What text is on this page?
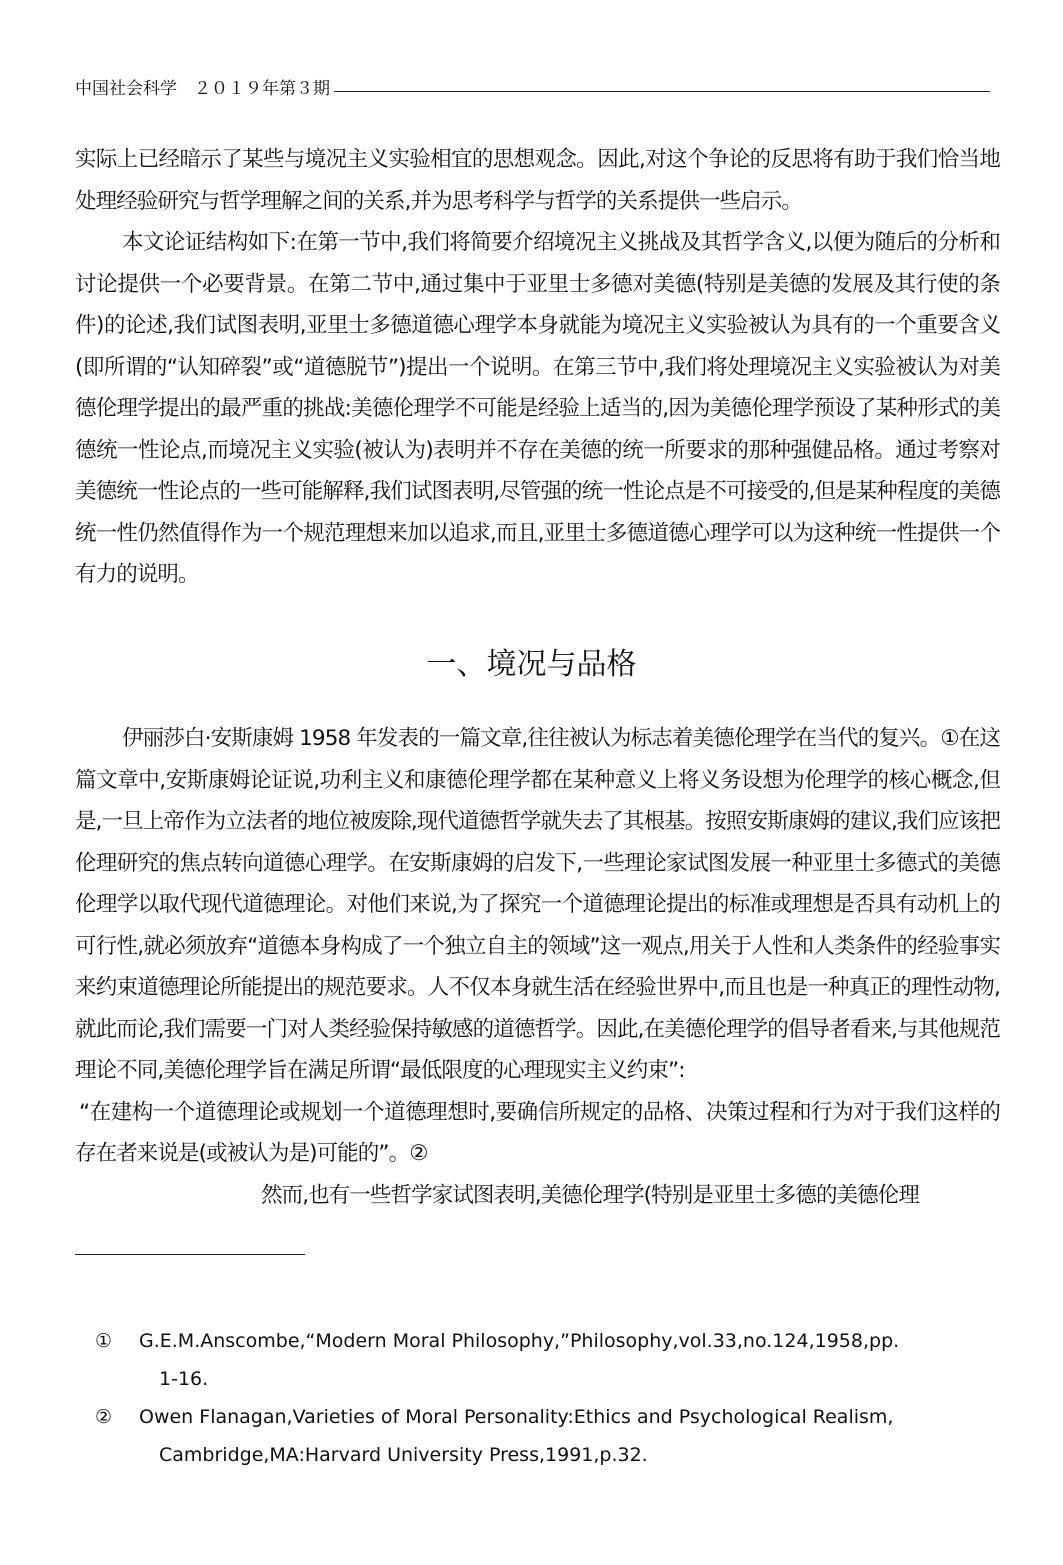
中国社会科学　２０１９年第３期

实际上已经暗示了某些与境况主义实验相宜的思想观念。因此,对这个争论的反思将有助于我们恰当地处理经验研究与哲学理解之间的关系,并为思考科学与哲学的关系提供一些启示。

本文论证结构如下:在第一节中,我们将简要介绍境况主义挑战及其哲学含义,以便为随后的分析和讨论提供一个必要背景。在第二节中,通过集中于亚里士多德对美德(特别是美德的发展及其行使的条件)的论述,我们试图表明,亚里士多德道德心理学本身就能为境况主义实验被认为具有的一个重要含义(即所谓的“认知碎裂”或“道德脱节”)提出一个说明。在第三节中,我们将处理境况主义实验被认为对美德伦理学提出的最严重的挑战:美德伦理学不可能是经验上适当的,因为美德伦理学预设了某种形式的美德统一性论点,而境况主义实验(被认为)表明并不存在美德的统一所要求的那种强健品格。通过考察对美德统一性论点的一些可能解释,我们试图表明,尽管强的统一性论点是不可接受的,但是某种程度的美德统一性仍然值得作为一个规范理想来加以追求,而且,亚里士多德道德心理学可以为这种统一性提供一个有力的说明。

一、境况与品格

伊丽莎白·安斯康姆 1958 年发表的一篇文章,往往被认为标志着美德伦理学在当代的复兴。①在这篇文章中,安斯康姆论证说,功利主义和康德伦理学都在某种意义上将义务设想为伦理学的核心概念,但是,一旦上帝作为立法者的地位被废除,现代道德哲学就失去了其根基。按照安斯康姆的建议,我们应该把伦理研究的焦点转向道德心理学。在安斯康姆的启发下,一些理论家试图发展一种亚里士多德式的美德伦理学以取代现代道德理论。对他们来说,为了探究一个道德理论提出的标准或理想是否具有动机上的可行性,就必须放弃“道德本身构成了一个独立自主的领域”这一观点,用关于人性和人类条件的经验事实来约束道德理论所能提出的规范要求。人不仅本身就生活在经验世界中,而且也是一种真正的理性动物,就此而论,我们需要一门对人类经验保持敏感的道德哲学。因此,在美德伦理学的倡导者看来,与其他规范理论不同,美德伦理学旨在满足所谓“最低限度的心理现实主义约束”:

“在建构一个道德理论或规划一个道德理想时,要确信所规定的品格、决策过程和行为对于我们这样的存在者来说是(或被认为是)可能的”。②

然而,也有一些哲学家试图表明,美德伦理学(特别是亚里士多德的美德伦理

①	G.E.M.Anscombe,“Modern Moral Philosophy,”Philosophy,vol.33,no.124,1958,pp.
1-16.
②	Owen Flanagan,Varieties of Moral Personality:Ethics and Psychological Realism,
Cambridge,MA:Harvard University Press,1991,p.32.
